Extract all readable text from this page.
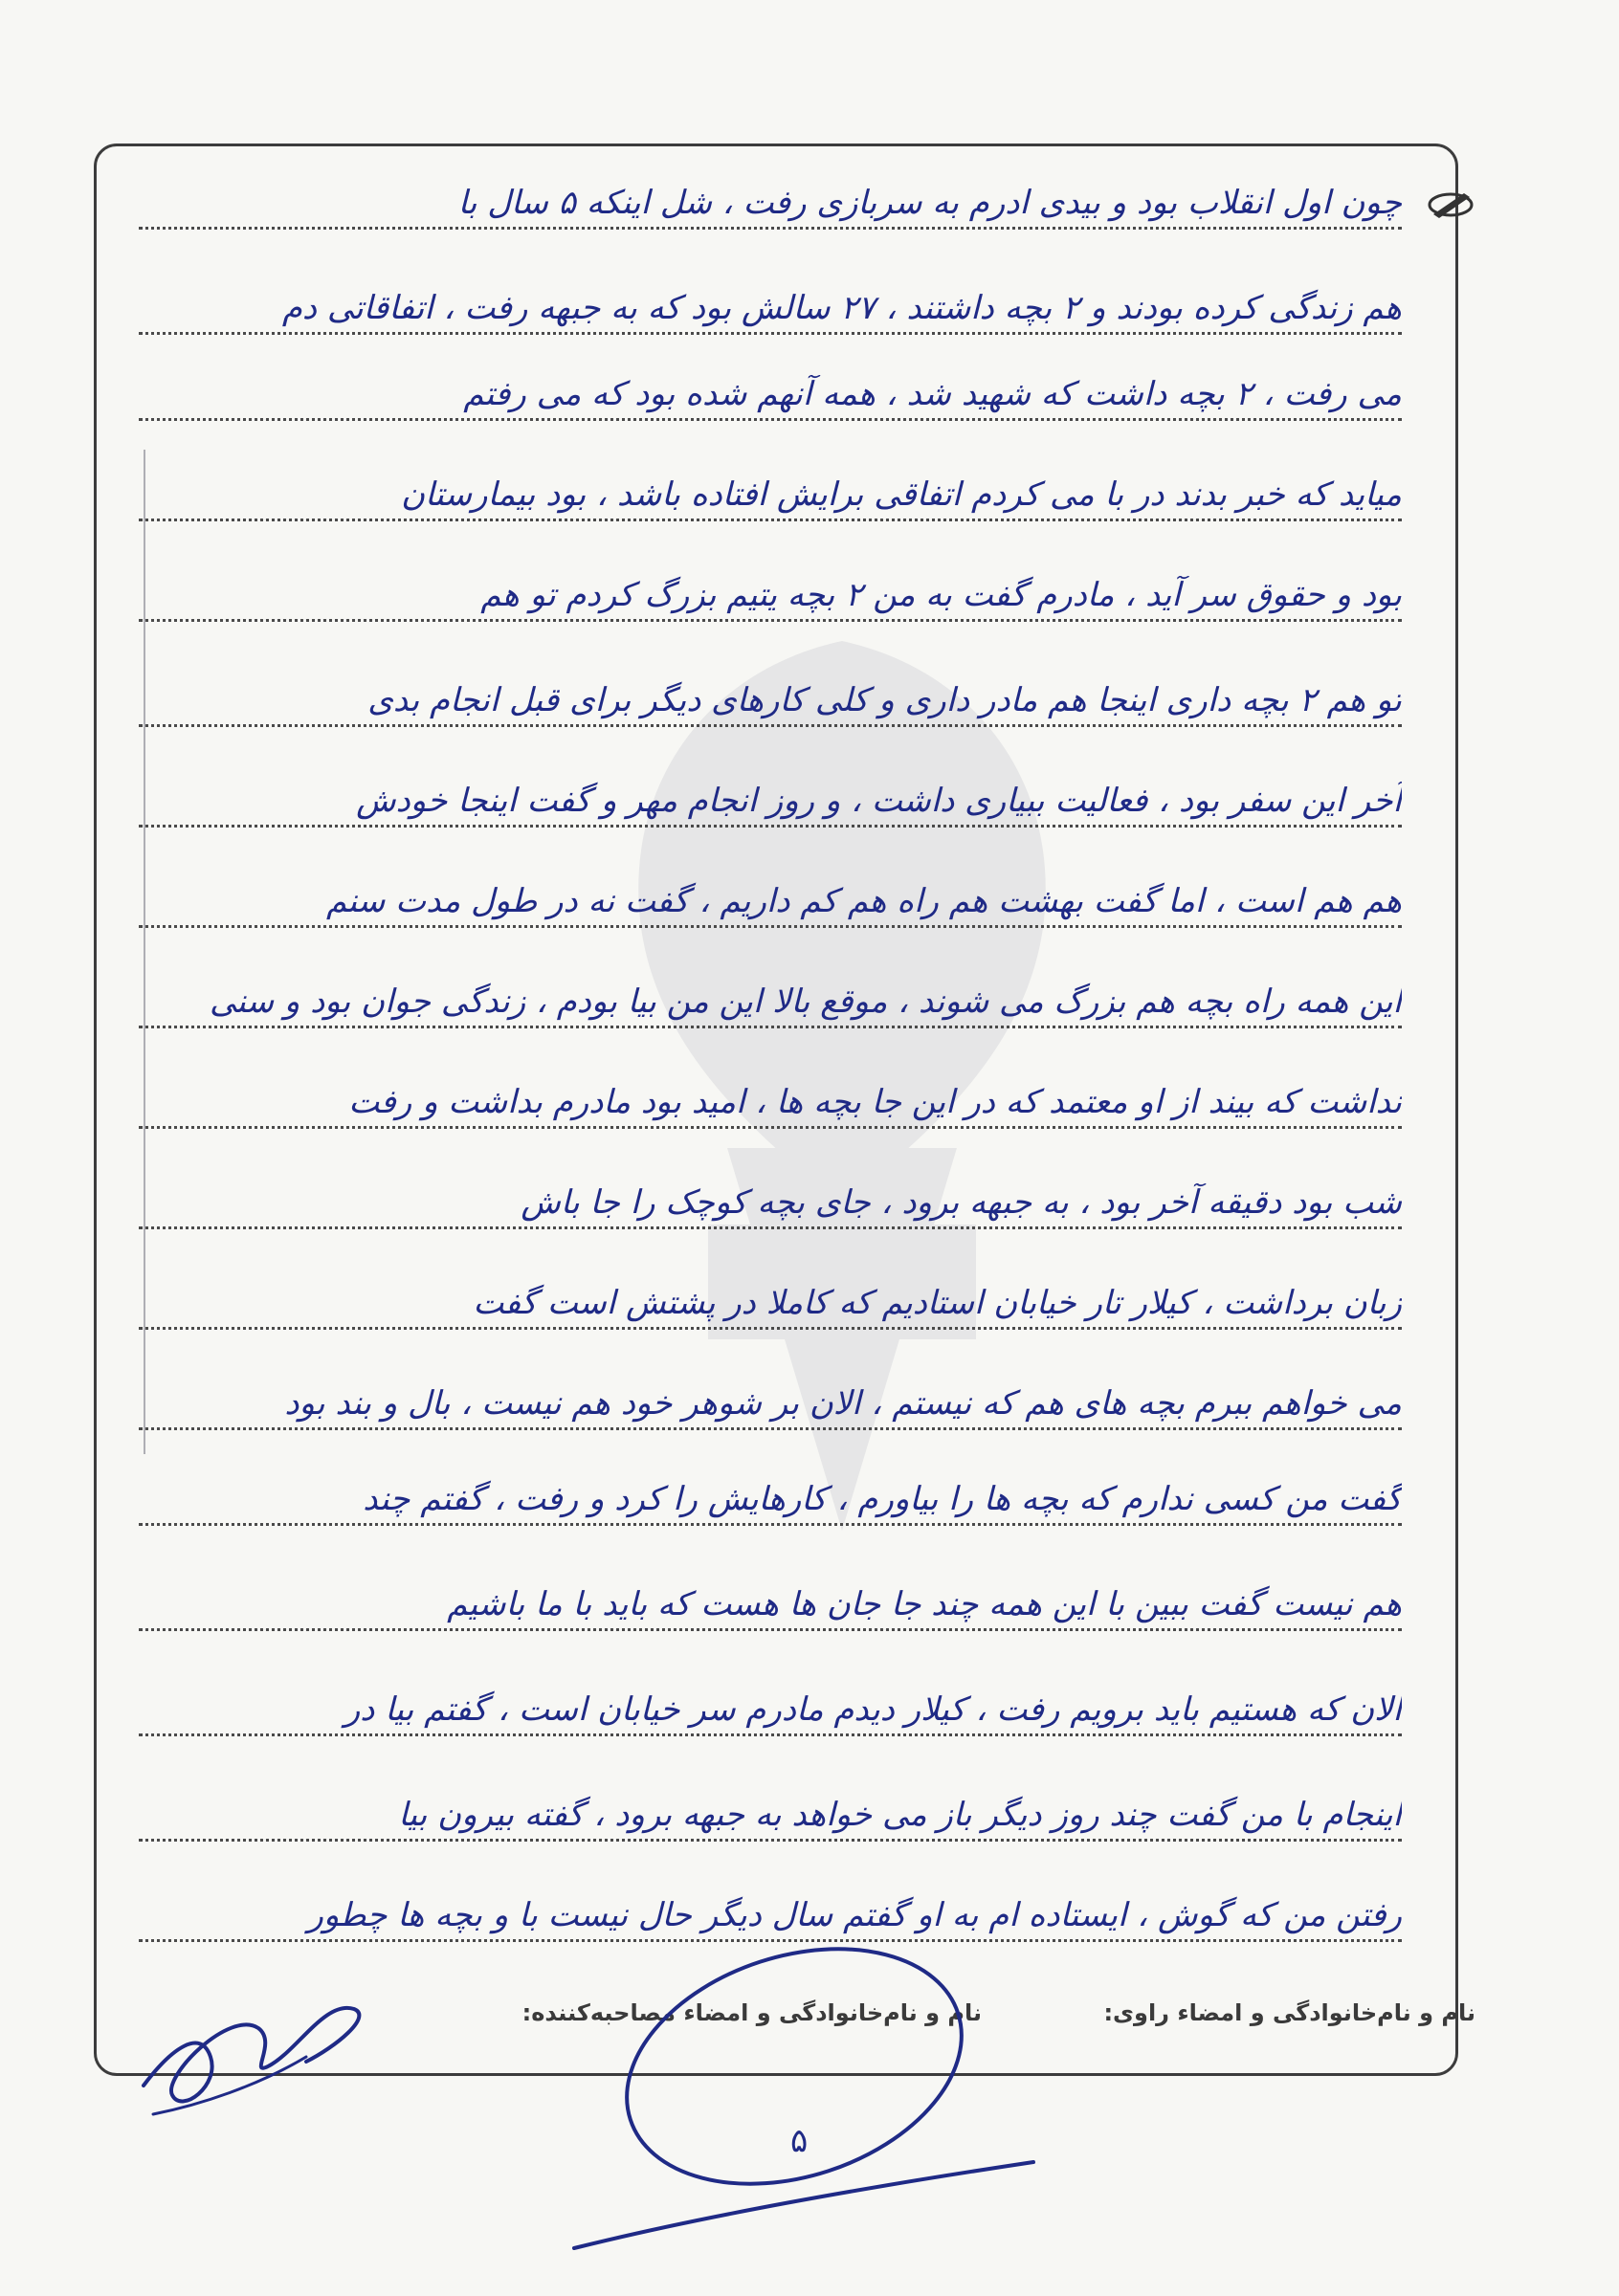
چون اول انقلاب بود و بیدی ادرم به سربازی رفت ، شل اینکه ۵ سال با
هم زندگی کرده بودند و ۲ بچه داشتند ، ۲۷ سالش بود که به جبهه رفت ، اتفاقاتی دم
می رفت ، ۲ بچه داشت که شهید شد ، همه آنهم شده بود که می رفتم
میاید که خبر بدند در با می کردم اتفاقی برایش افتاده باشد ، بود بیمارستان
بود و حقوق سر آید ، مادرم گفت به من ۲ بچه یتیم بزرگ کردم تو هم
تو هم ۲ بچه داری اینجا هم مادر داری و کلی کارهای دیگر برای قبل انجام بدی
آخر این سفر بود ، فعالیت ببیاری داشت ، و روز انجام مهر و گفت اینجا خودش
هم هم است ، اما گفت بهشت هم راه هم کم داریم ، گفت نه در طول مدت سنم
این همه راه بچه هم بزرگ می شوند ، موقع بالا این من بیا بودم ، زندگی جوان بود و سنی
نداشت که بیند از او معتمد که در این جا بچه ها ، امید بود مادرم بداشت و رفت
شب بود دقیقه آخر بود ، به جبهه برود ، جای بچه کوچک را جا باش
زبان برداشت ، کیلار تار خیابان استادیم که کاملا در پشتش است گفت
می خواهم ببرم بچه های هم که نیستم ، الان بر شوهر خود هم نیست ، بال و بند بود
گفت من کسی ندارم که بچه ها را بیاورم ، کارهایش را کرد و رفت ، گفتم چند
هم نیست گفت ببین با این همه چند جا جان ها هست که باید با ما باشیم
الان که هستیم باید برویم رفت ، کیلار دیدم مادرم سر خیابان است ، گفتم بیا در
اینجام با من گفت چند روز دیگر باز می خواهد به جبهه برود ، گفته بیرون بیا
رفتن من که گوش ، ایستاده ام به او گفتم سال دیگر حال نیست با و بچه ها چطور
نام و نام‌خانوادگی و امضاء راوی:
نام و نام‌خانوادگی و امضاء مصاحبه‌کننده:
۵
